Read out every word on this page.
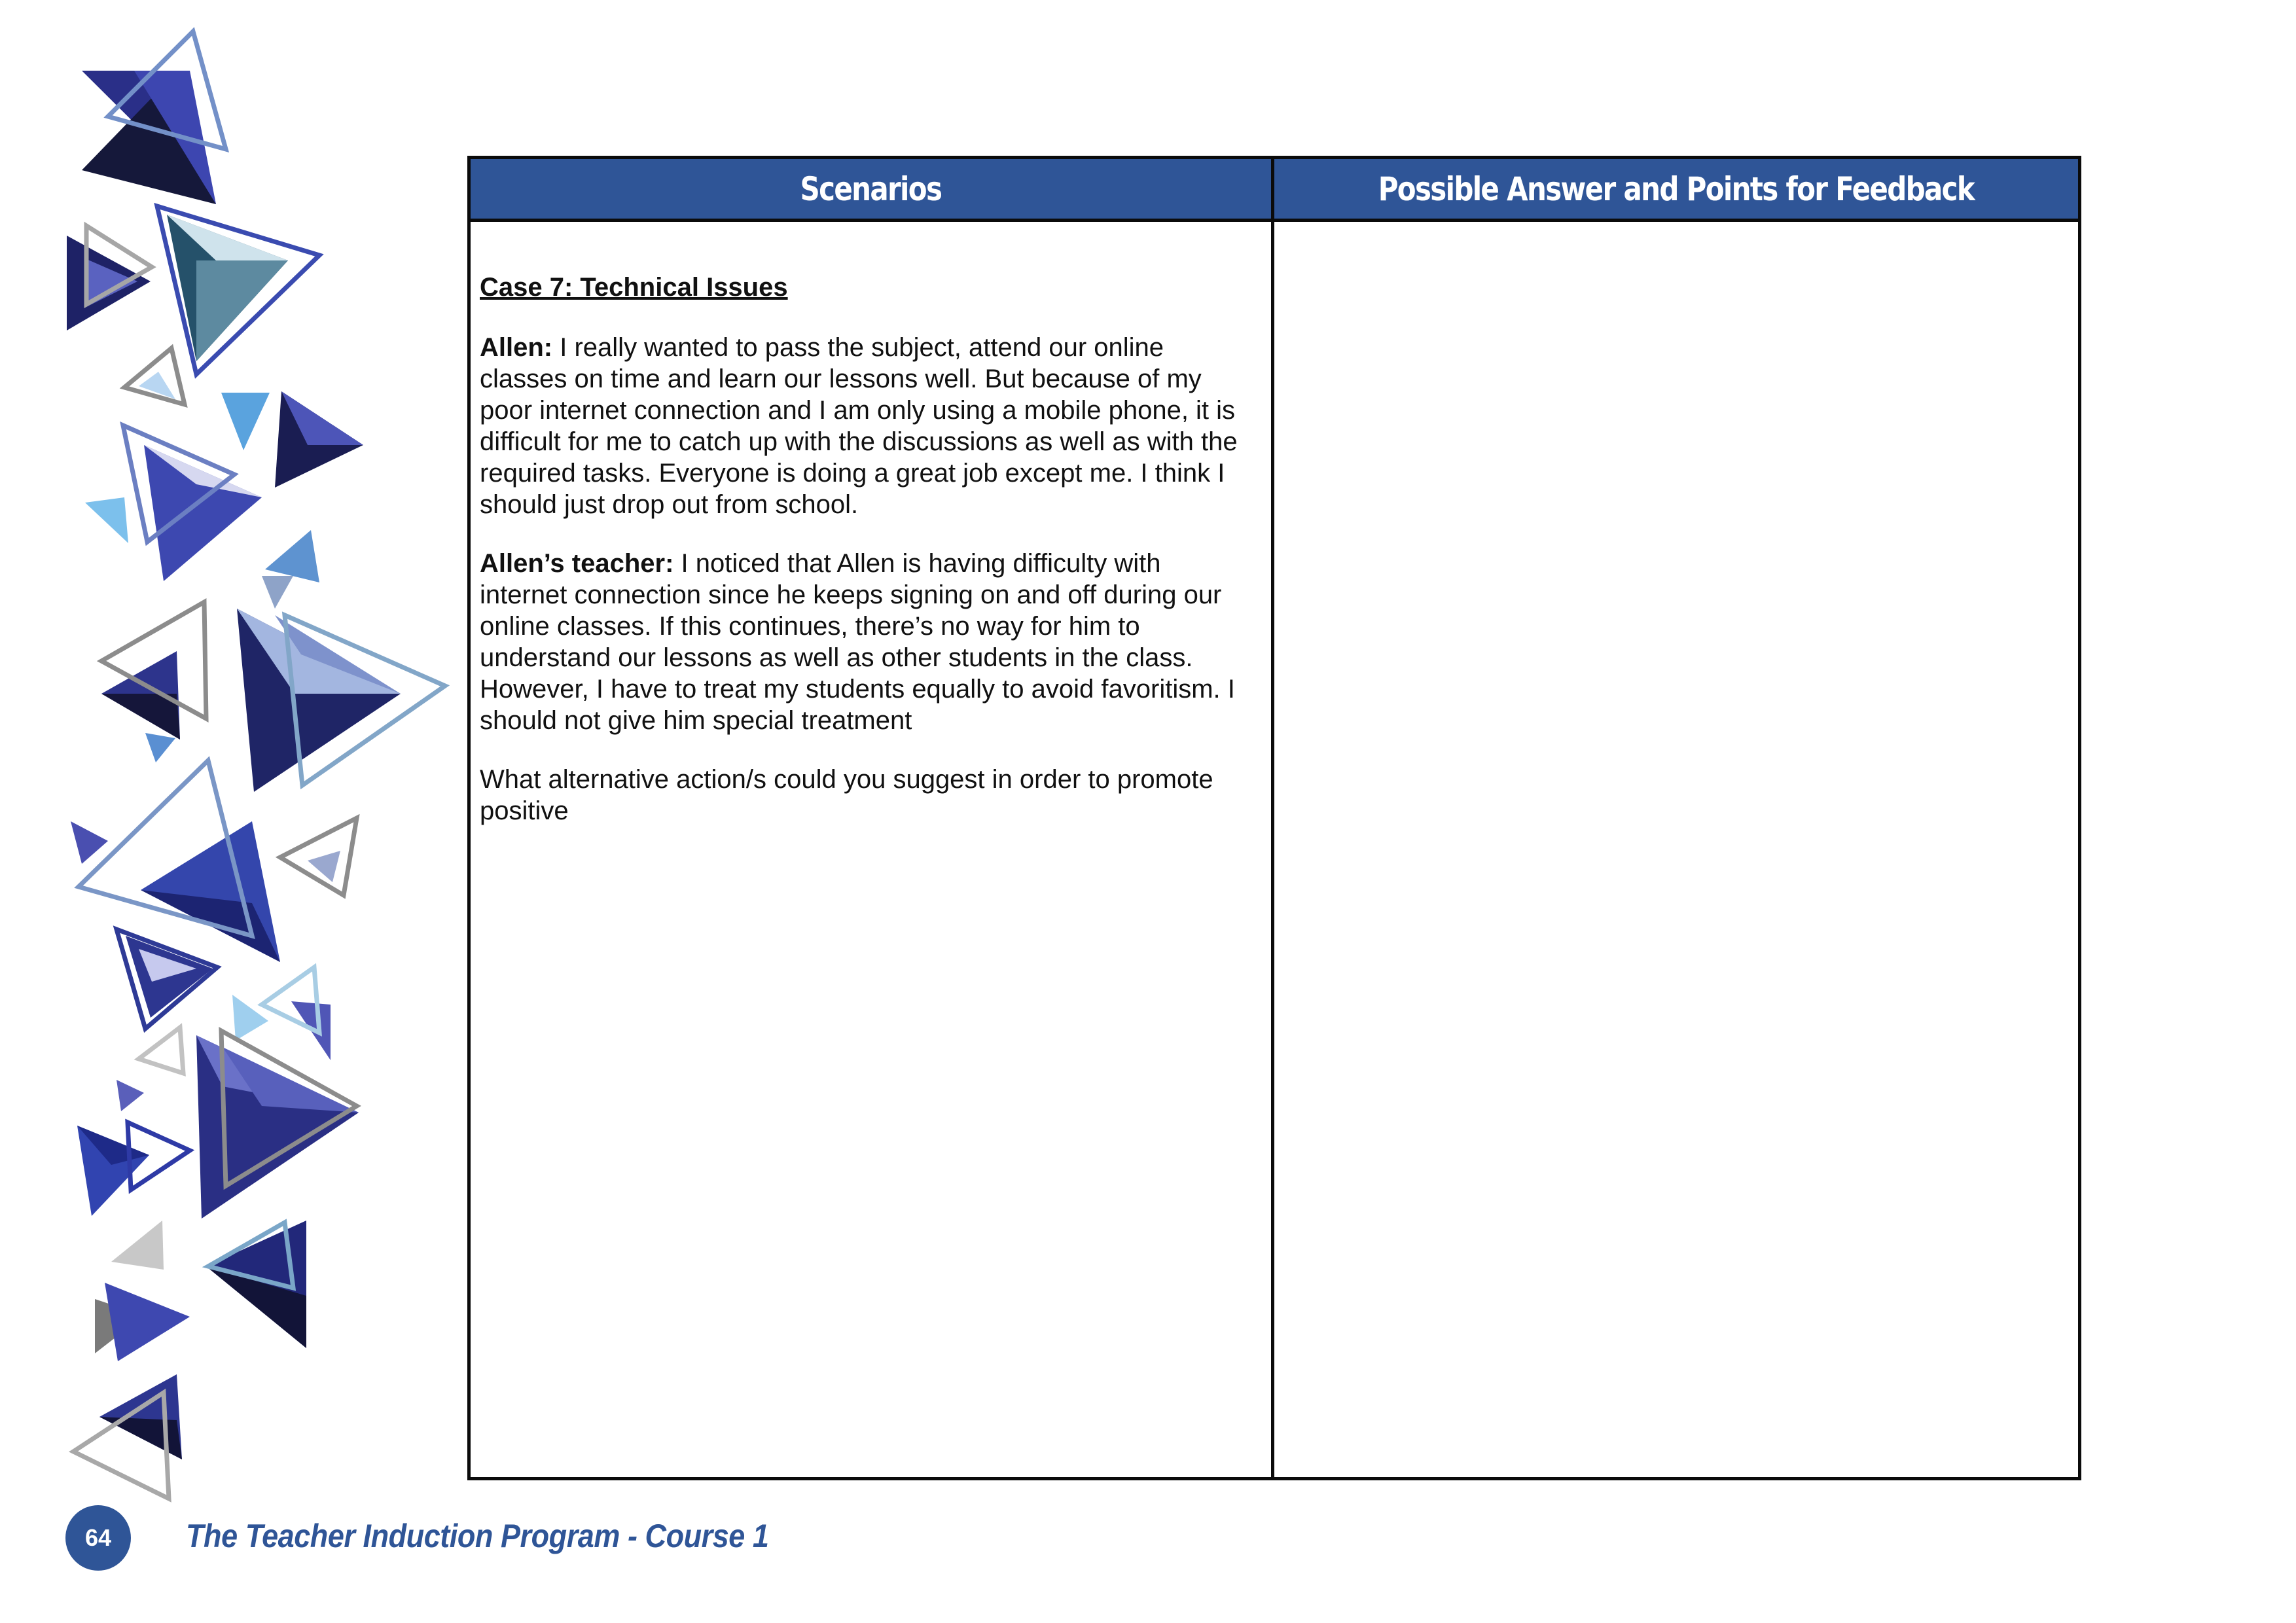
Scenarios	Possible Answer and Points for Feedback

Case 7: Technical Issues

Allen: I really wanted to pass the subject, attend our online classes on time and learn our lessons well. But because of my poor internet connection and I am only using a mobile phone, it is difficult for me to catch up with the discussions as well as with the required tasks. Everyone is doing a great job except me. I think I should just drop out from school.

Allen’s teacher: I noticed that Allen is having difficulty with internet connection since he keeps signing on and off during our online classes. If this continues, there’s no way for him to understand our lessons as well as other students in the class. However, I have to treat my students equally to avoid favoritism. I should not give him special treatment

What alternative action/s could you suggest in order to promote positive

64 The Teacher Induction Program - Course 1
